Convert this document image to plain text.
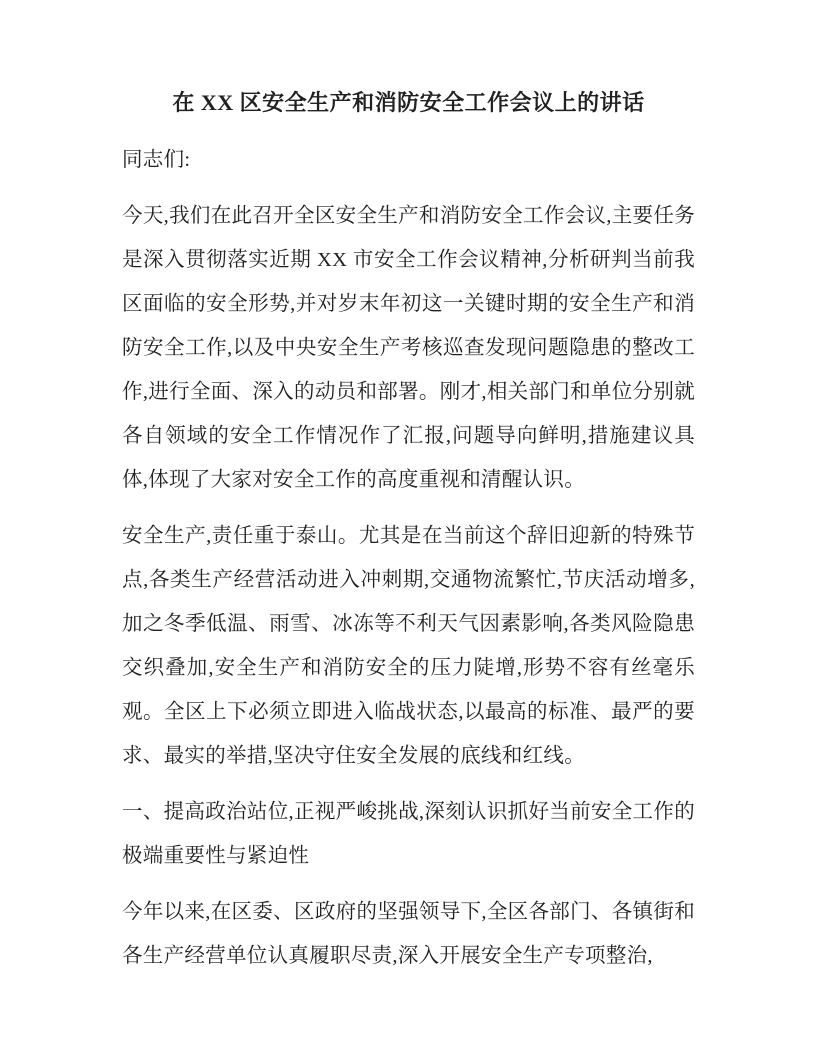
在 XX 区安全生产和消防安全工作会议上的讲话

同志们:

今天,我们在此召开全区安全生产和消防安全工作会议,主要任务是深入贯彻落实近期 XX 市安全工作会议精神,分析研判当前我区面临的安全形势,并对岁末年初这一关键时期的安全生产和消防安全工作,以及中央安全生产考核巡查发现问题隐患的整改工作,进行全面、深入的动员和部署。刚才,相关部门和单位分别就各自领域的安全工作情况作了汇报,问题导向鲜明,措施建议具体,体现了大家对安全工作的高度重视和清醒认识。

安全生产,责任重于泰山。尤其是在当前这个辞旧迎新的特殊节点,各类生产经营活动进入冲刺期,交通物流繁忙,节庆活动增多,加之冬季低温、雨雪、冰冻等不利天气因素影响,各类风险隐患交织叠加,安全生产和消防安全的压力陡增,形势不容有丝毫乐观。全区上下必须立即进入临战状态,以最高的标准、最严的要求、最实的举措,坚决守住安全发展的底线和红线。

一、提高政治站位,正视严峻挑战,深刻认识抓好当前安全工作的极端重要性与紧迫性

今年以来,在区委、区政府的坚强领导下,全区各部门、各镇街和各生产经营单位认真履职尽责,深入开展安全生产专项整治,
